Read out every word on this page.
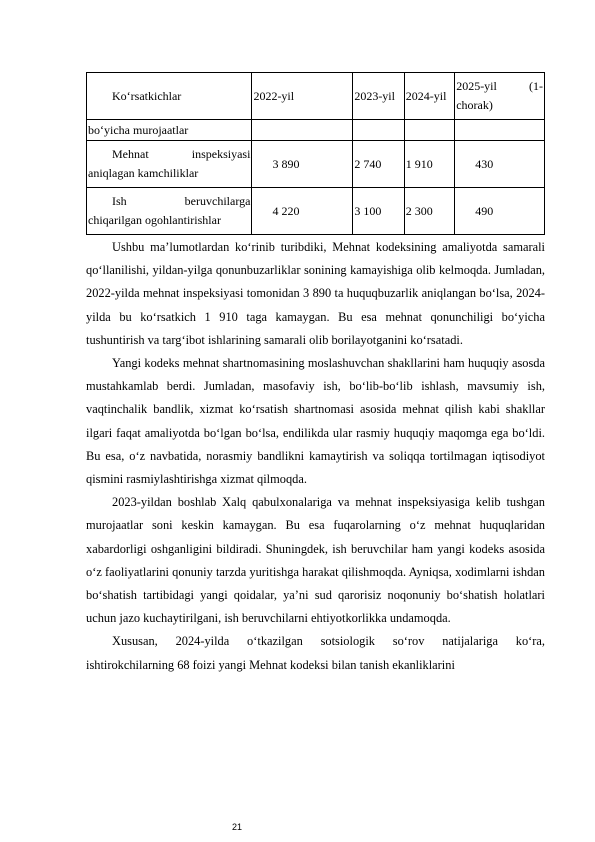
Ko‘rsatkichlar	2022-yil	2023-yil	2024-yil	2025-yil (1-chorak)
bo‘yicha murojaatlar				
Mehnat inspeksiyasi aniqlagan kamchiliklar	3 890	2 740	1 910	430
Ish beruvchilarga chiqarilgan ogohlantirishlar	4 220	3 100	2 300	490

Ushbu ma’lumotlardan ko‘rinib turibdiki, Mehnat kodeksining amaliyotda samarali qo‘llanilishi, yildan-yilga qonunbuzarliklar sonining kamayishiga olib kelmoqda. Jumladan, 2022-yilda mehnat inspeksiyasi tomonidan 3 890 ta huquqbuzarlik aniqlangan bo‘lsa, 2024-yilda bu ko‘rsatkich 1 910 taga kamaygan. Bu esa mehnat qonunchiligi bo‘yicha tushuntirish va targ‘ibot ishlarining samarali olib borilayotganini ko‘rsatadi.

Yangi kodeks mehnat shartnomasining moslashuvchan shakllarini ham huquqiy asosda mustahkamlab berdi. Jumladan, masofaviy ish, bo‘lib-bo‘lib ishlash, mavsumiy ish, vaqtinchalik bandlik, xizmat ko‘rsatish shartnomasi asosida mehnat qilish kabi shakllar ilgari faqat amaliyotda bo‘lgan bo‘lsa, endilikda ular rasmiy huquqiy maqomga ega bo‘ldi. Bu esa, o‘z navbatida, norasmiy bandlikni kamaytirish va soliqqa tortilmagan iqtisodiyot qismini rasmiylashtirishga xizmat qilmoqda.

2023-yildan boshlab Xalq qabulxonalariga va mehnat inspeksiyasiga kelib tushgan murojaatlar soni keskin kamaygan. Bu esa fuqarolarning o‘z mehnat huquqlaridan xabardorligi oshganligini bildiradi. Shuningdek, ish beruvchilar ham yangi kodeks asosida o‘z faoliyatlarini qonuniy tarzda yuritishga harakat qilishmoqda. Ayniqsa, xodimlarni ishdan bo‘shatish tartibidagi yangi qoidalar, ya’ni sud qarorisiz noqonuniy bo‘shatish holatlari uchun jazo kuchaytirilgani, ish beruvchilarni ehtiyotkorlikka undamoqda.

Xususan, 2024-yilda o‘tkazilgan sotsiologik so‘rov natijalariga ko‘ra, ishtirokchilarning 68 foizi yangi Mehnat kodeksi bilan tanish ekanliklarini

21
